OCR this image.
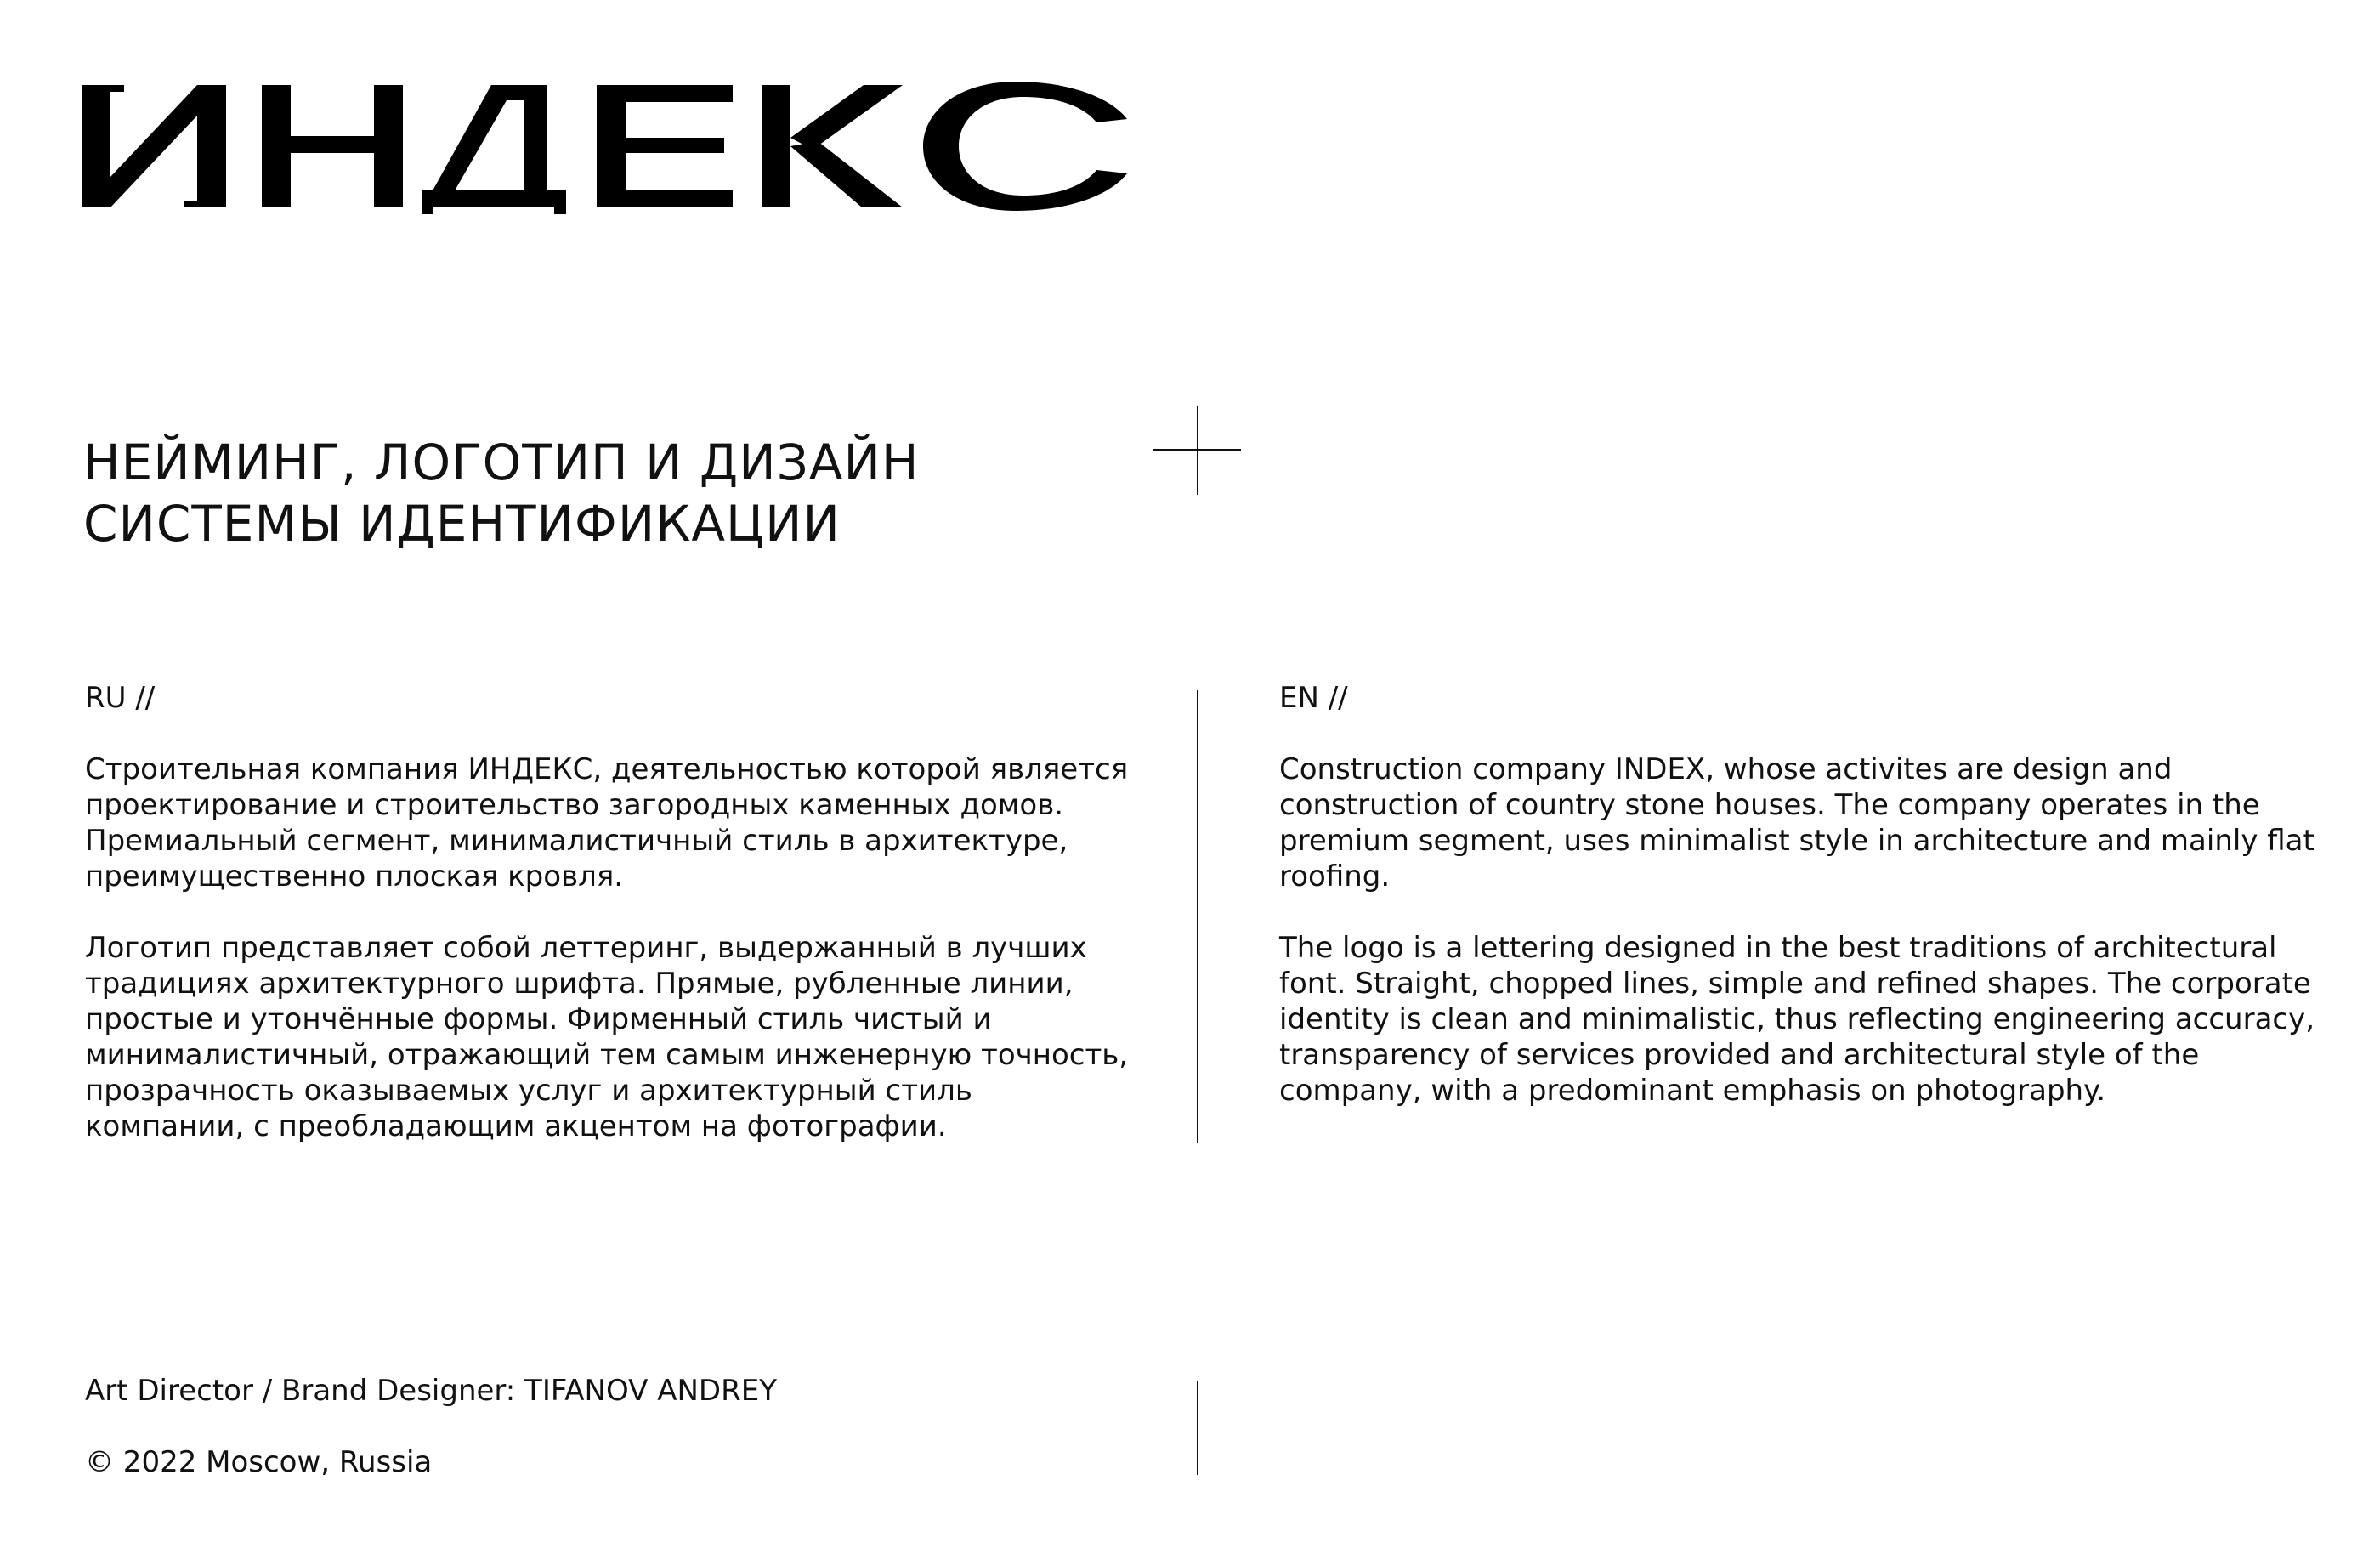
НЕЙМИНГ, ЛОГОТИП И ДИЗАЙН
СИСТЕМЫ ИДЕНТИФИКАЦИИ
RU //

Строительная компания ИНДЕКС, деятельностью которой является проектирование и строительство загородных каменных домов. Премиальный сегмент, минималистичный стиль в архитектуре, преимущественно плоская кровля.

Логотип представляет собой леттеринг, выдержанный в лучших традициях архитектурного шрифта. Прямые, рубленные линии, простые и утончённые формы. Фирменный стиль чистый и минималистичный, отражающий тем самым инженерную точность, прозрачность оказываемых услуг и архитектурный стиль компании, с преобладающим акцентом на фотографии.

EN //

Construction company INDEX, whose activites are design and construction of country stone houses. The company operates in the premium segment, uses minimalist style in architecture and mainly flat roofing.

The logo is a lettering designed in the best traditions of architectural font. Straight, chopped lines, simple and refined shapes. The corporate identity is clean and minimalistic, thus reflecting engineering accuracy, transparency of services provided and architectural style of the company, with a predominant emphasis on photography.

Art Director / Brand Designer: TIFANOV ANDREY
© 2022 Moscow, Russia
